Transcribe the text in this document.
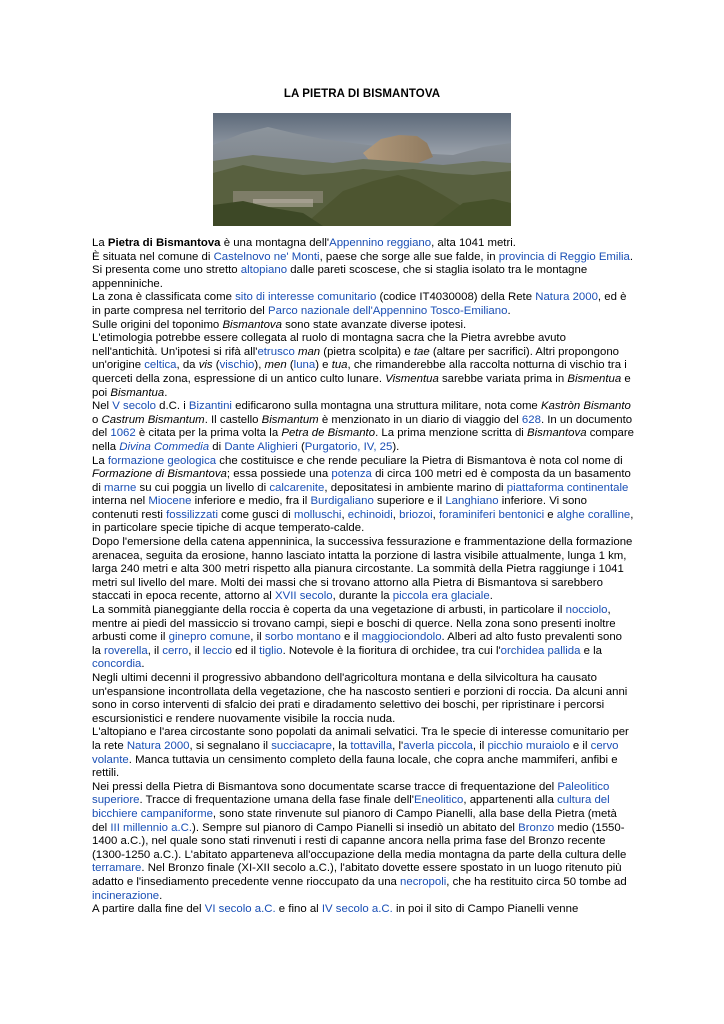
LA PIETRA DI BISMANTOVA

La Pietra di Bismantova è una montagna dell'Appennino reggiano, alta 1041 metri.

È situata nel comune di Castelnovo ne' Monti, paese che sorge alle sue falde, in provincia di Reggio Emilia. Si presenta come uno stretto altopiano dalle pareti scoscese, che si staglia isolato tra le montagne appenniniche.

La zona è classificata come sito di interesse comunitario (codice IT4030008) della Rete Natura 2000, ed è in parte compresa nel territorio del Parco nazionale dell'Appennino Tosco-Emiliano.

Sulle origini del toponimo Bismantova sono state avanzate diverse ipotesi.

L'etimologia potrebbe essere collegata al ruolo di montagna sacra che la Pietra avrebbe avuto nell'antichità. Un'ipotesi si rifà all'etrusco man (pietra scolpita) e tae (altare per sacrifici). Altri propongono un'origine celtica, da vis (vischio), men (luna) e tua, che rimanderebbe alla raccolta notturna di vischio tra i querceti della zona, espressione di un antico culto lunare. Vismentua sarebbe variata prima in Bismentua e poi Bismantua.

Nel V secolo d.C. i Bizantini edificarono sulla montagna una struttura militare, nota come Kastròn Bismanto o Castrum Bismantum. Il castello Bismantum è menzionato in un diario di viaggio del 628. In un documento del 1062 è citata per la prima volta la Petra de Bismanto. La prima menzione scritta di Bismantova compare nella Divina Commedia di Dante Alighieri (Purgatorio, IV, 25).

La formazione geologica che costituisce e che rende peculiare la Pietra di Bismantova è nota col nome di Formazione di Bismantova; essa possiede una potenza di circa 100 metri ed è composta da un basamento di marne su cui poggia un livello di calcarenite, depositatesi in ambiente marino di piattaforma continentale interna nel Miocene inferiore e medio, fra il Burdigaliano superiore e il Langhiano inferiore. Vi sono contenuti resti fossilizzati come gusci di molluschi, echinoidi, briozoi, foraminiferi bentonici e alghe coralline, in particolare specie tipiche di acque temperato-calde.

Dopo l'emersione della catena appenninica, la successiva fessurazione e frammentazione della formazione arenacea, seguita da erosione, hanno lasciato intatta la porzione di lastra visibile attualmente, lunga 1 km, larga 240 metri e alta 300 metri rispetto alla pianura circostante. La sommità della Pietra raggiunge i 1041 metri sul livello del mare. Molti dei massi che si trovano attorno alla Pietra di Bismantova si sarebbero staccati in epoca recente, attorno al XVII secolo, durante la piccola era glaciale.

La sommità pianeggiante della roccia è coperta da una vegetazione di arbusti, in particolare il nocciolo, mentre ai piedi del massiccio si trovano campi, siepi e boschi di querce. Nella zona sono presenti inoltre arbusti come il ginepro comune, il sorbo montano e il maggiociondolo. Alberi ad alto fusto prevalenti sono la roverella, il cerro, il leccio ed il tiglio. Notevole è la fioritura di orchidee, tra cui l'orchidea pallida e la concordia.

Negli ultimi decenni il progressivo abbandono dell'agricoltura montana e della silvicoltura ha causato un'espansione incontrollata della vegetazione, che ha nascosto sentieri e porzioni di roccia. Da alcuni anni sono in corso interventi di sfalcio dei prati e diradamento selettivo dei boschi, per ripristinare i percorsi escursionistici e rendere nuovamente visibile la roccia nuda.

L'altopiano e l'area circostante sono popolati da animali selvatici. Tra le specie di interesse comunitario per la rete Natura 2000, si segnalano il succiacapre, la tottavilla, l'averla piccola, il picchio muraiolo e il cervo volante. Manca tuttavia un censimento completo della fauna locale, che copra anche mammiferi, anfibi e rettili.

Nei pressi della Pietra di Bismantova sono documentate scarse tracce di frequentazione del Paleolitico superiore. Tracce di frequentazione umana della fase finale dell'Eneolitico, appartenenti alla cultura del bicchiere campaniforme, sono state rinvenute sul pianoro di Campo Pianelli, alla base della Pietra (metà del III millennio a.C.). Sempre sul pianoro di Campo Pianelli si insediò un abitato del Bronzo medio (1550-1400 a.C.), nel quale sono stati rinvenuti i resti di capanne ancora nella prima fase del Bronzo recente (1300-1250 a.C.). L'abitato apparteneva all'occupazione della media montagna da parte della cultura delle terramare. Nel Bronzo finale (XI-XII secolo a.C.), l'abitato dovette essere spostato in un luogo ritenuto più adatto e l'insediamento precedente venne rioccupato da una necropoli, che ha restituito circa 50 tombe ad incinerazione.

A partire dalla fine del VI secolo a.C. e fino al IV secolo a.C. in poi il sito di Campo Pianelli venne
